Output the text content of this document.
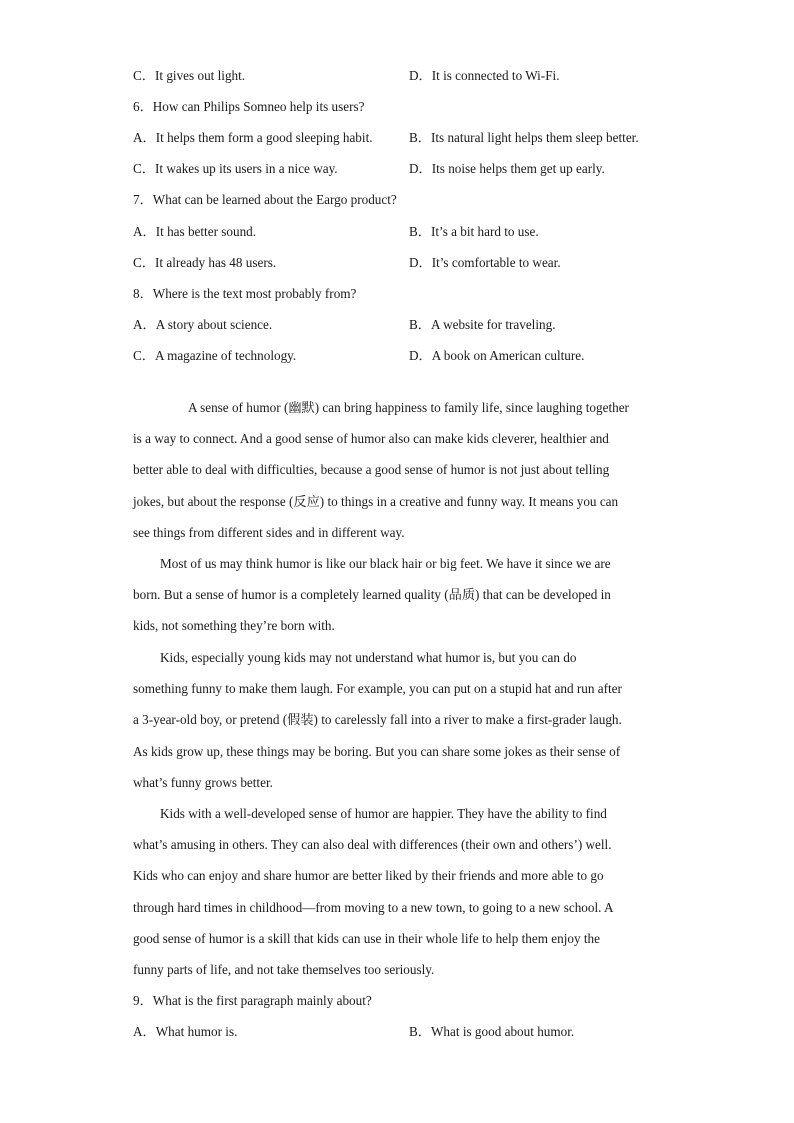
C．It gives out light.	D．It is connected to Wi-Fi.
6．How can Philips Somneo help its users?
A．It helps them form a good sleeping habit.	B．Its natural light helps them sleep better.
C．It wakes up its users in a nice way.	D．Its noise helps them get up early.
7．What can be learned about the Eargo product?
A．It has better sound.	B．It’s a bit hard to use.
C．It already has 48 users.	D．It’s comfortable to wear.
8．Where is the text most probably from?
A．A story about science.	B．A website for traveling.
C．A magazine of technology.	D．A book on American culture.
A sense of humor (幽默) can bring happiness to family life, since laughing together
is a way to connect. And a good sense of humor also can make kids cleverer, healthier and
better able to deal with difficulties, because a good sense of humor is not just about telling
jokes, but about the response (反应) to things in a creative and funny way. It means you can
see things from different sides and in different way.
Most of us may think humor is like our black hair or big feet. We have it since we are
born. But a sense of humor is a completely learned quality (品质) that can be developed in
kids, not something they’re born with.
Kids, especially young kids may not understand what humor is, but you can do
something funny to make them laugh. For example, you can put on a stupid hat and run after
a 3-year-old boy, or pretend (假装) to carelessly fall into a river to make a first-grader laugh.
As kids grow up, these things may be boring. But you can share some jokes as their sense of
what’s funny grows better.
Kids with a well-developed sense of humor are happier. They have the ability to find
what’s amusing in others. They can also deal with differences (their own and others’) well.
Kids who can enjoy and share humor are better liked by their friends and more able to go
through hard times in childhood—from moving to a new town, to going to a new school. A
good sense of humor is a skill that kids can use in their whole life to help them enjoy the
funny parts of life, and not take themselves too seriously.
9．What is the first paragraph mainly about?
A．What humor is.	B．What is good about humor.
